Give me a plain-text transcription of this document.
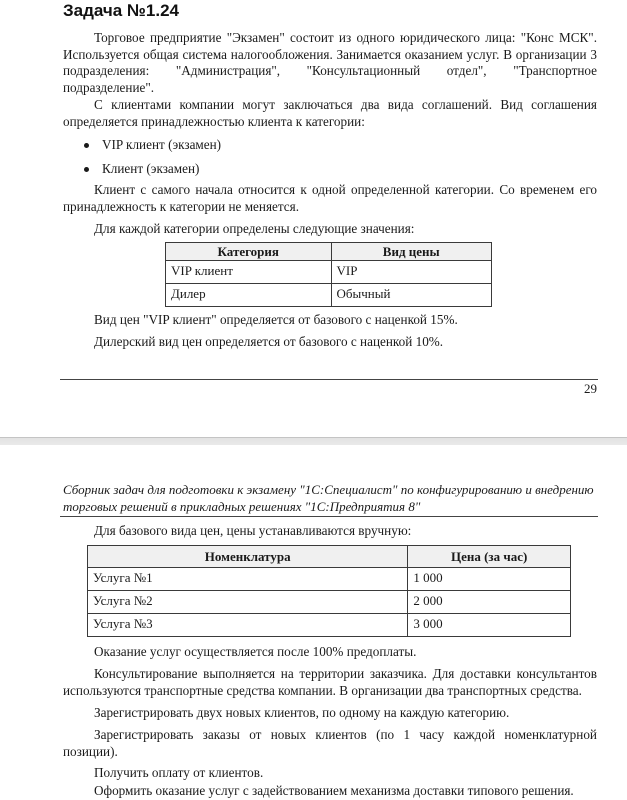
Задача №1.24

Торговое предприятие "Экзамен" состоит из одного юридического лица: "Конс МСК". Используется общая система налогообложения. Занимается оказанием услуг. В организации 3 подразделения: "Администрация", "Консультационный отдел", "Транспортное подразделение".

С клиентами компании могут заключаться два вида соглашений. Вид соглашения определяется принадлежностью клиента к категории:

VIP клиент (экзамен)
Клиент (экзамен)

Клиент с самого начала относится к одной определенной категории. Со временем его принадлежность к категории не меняется.

Для каждой категории определены следующие значения:

Категория	Вид цены
VIP клиент	VIP
Дилер	Обычный

Вид цен "VIP клиент" определяется от базового с наценкой 15%.

Дилерский вид цен определяется от базового с наценкой 10%.

29

Сборник задач для подготовки к экзамену "1С:Специалист" по конфигурированию и внедрению торговых решений в прикладных решениях "1С:Предприятия 8"

Для базового вида цен, цены устанавливаются вручную:

Номенклатура	Цена (за час)
Услуга №1	1 000
Услуга №2	2 000
Услуга №3	3 000

Оказание услуг осуществляется после 100% предоплаты.

Консультирование выполняется на территории заказчика. Для доставки консультантов используются транспортные средства компании. В организации два транспортных средства.

Зарегистрировать двух новых клиентов, по одному на каждую категорию.

Зарегистрировать заказы от новых клиентов (по 1 часу каждой номенклатурной позиции).

Получить оплату от клиентов.

Оформить оказание услуг с задействованием механизма доставки типового решения.
